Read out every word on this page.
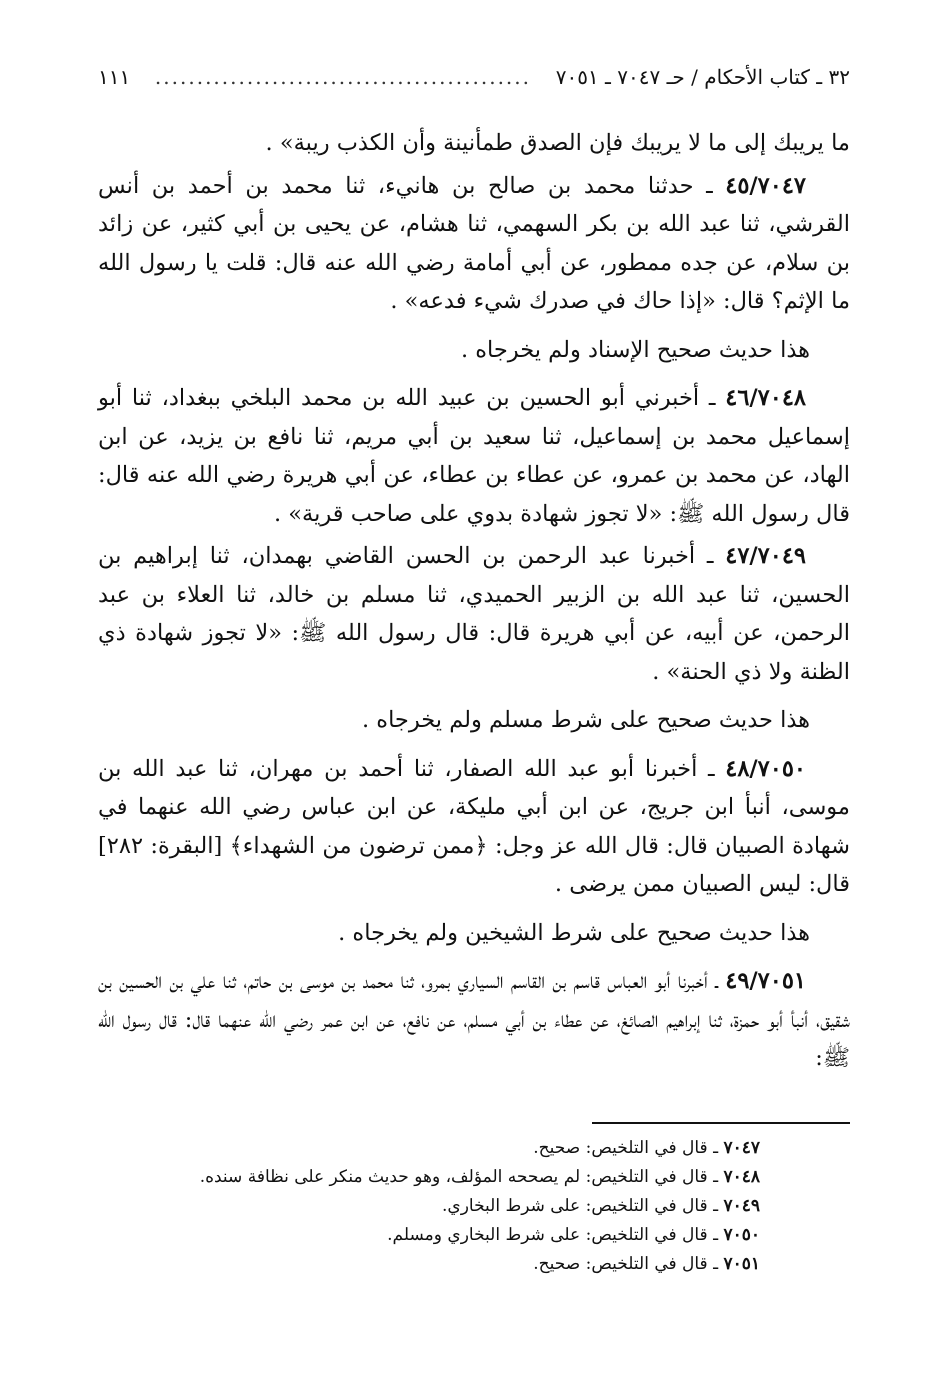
٣٢ ـ كتاب الأحكام / حـ ٧٠٤٧ ـ ٧٠٥١
.............................................
١١١

ما يريبك إلى ما لا يريبك فإن الصدق طمأنينة وأن الكذب ريبة» .

٤٥/٧٠٤٧ ـ حدثنا محمد بن صالح بن هانيء، ثنا محمد بن أحمد بن أنس القرشي، ثنا عبد الله بن بكر السهمي، ثنا هشام، عن يحيى بن أبي كثير، عن زائد بن سلام، عن جده ممطور، عن أبي أمامة رضي الله عنه قال: قلت يا رسول الله ما الإثم؟ قال: «إذا حاك في صدرك شيء فدعه» .

هذا حديث صحيح الإسناد ولم يخرجاه .

٤٦/٧٠٤٨ ـ أخبرني أبو الحسين بن عبيد الله بن محمد البلخي ببغداد، ثنا أبو إسماعيل محمد بن إسماعيل، ثنا سعيد بن أبي مريم، ثنا نافع بن يزيد، عن ابن الهاد، عن محمد بن عمرو، عن عطاء بن عطاء، عن أبي هريرة رضي الله عنه قال: قال رسول الله ﷺ: «لا تجوز شهادة بدوي على صاحب قرية» .

٤٧/٧٠٤٩ ـ أخبرنا عبد الرحمن بن الحسن القاضي بهمدان، ثنا إبراهيم بن الحسين، ثنا عبد الله بن الزبير الحميدي، ثنا مسلم بن خالد، ثنا العلاء بن عبد الرحمن، عن أبيه، عن أبي هريرة قال: قال رسول الله ﷺ: «لا تجوز شهادة ذي الظنة ولا ذي الحنة» .

هذا حديث صحيح على شرط مسلم ولم يخرجاه .

٤٨/٧٠٥٠ ـ أخبرنا أبو عبد الله الصفار، ثنا أحمد بن مهران، ثنا عبد الله بن موسى، أنبأ ابن جريج، عن ابن أبي مليكة، عن ابن عباس رضي الله عنهما في شهادة الصبيان قال: قال الله عز وجل: ﴿ممن ترضون من الشهداء﴾ [البقرة: ٢٨٢] قال: ليس الصبيان ممن يرضى .

هذا حديث صحيح على شرط الشيخين ولم يخرجاه .

٤٩/٧٠٥١ ـ أخبرنا أبو العباس قاسم بن القاسم السياري بمرو، ثنا محمد بن موسى بن حاتم، ثنا علي بن الحسين بن شقيق، أنبأ أبو حمزة، ثنا إبراهيم الصائغ، عن عطاء بن أبي مسلم، عن نافع، عن ابن عمر رضي الله عنهما قال: قال رسول الله ﷺ:

٧٠٤٧ ـ قال في التلخيص: صحيح.

٧٠٤٨ ـ قال في التلخيص: لم يصححه المؤلف، وهو حديث منكر على نظافة سنده.

٧٠٤٩ ـ قال في التلخيص: على شرط البخاري.

٧٠٥٠ ـ قال في التلخيص: على شرط البخاري ومسلم.

٧٠٥١ ـ قال في التلخيص: صحيح.
